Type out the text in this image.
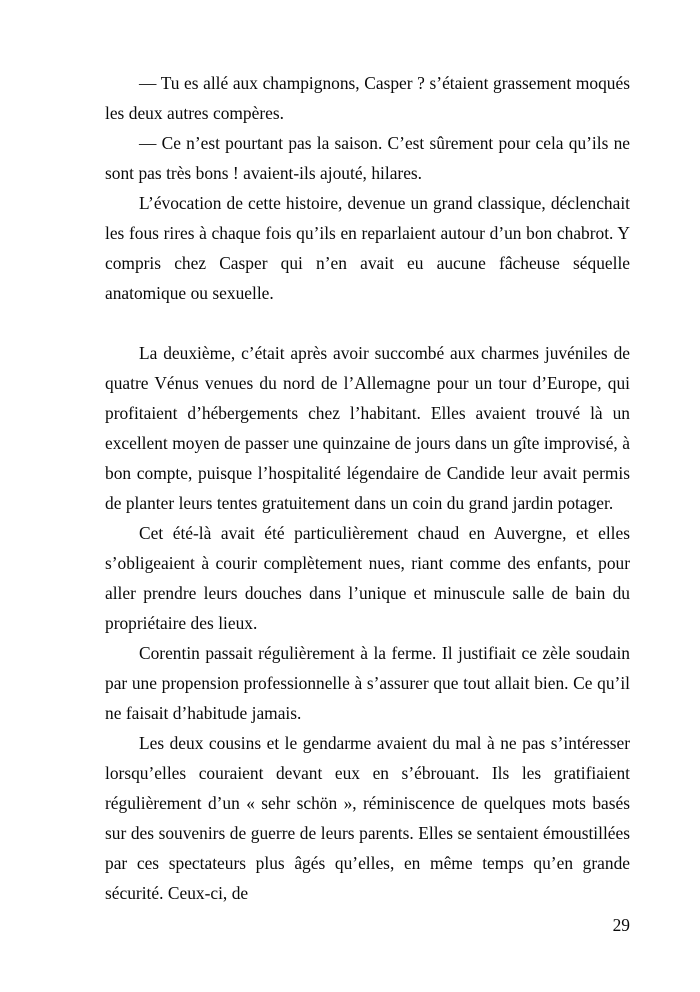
— Tu es allé aux champignons, Casper ? s’étaient grassement moqués les deux autres compères.

— Ce n’est pourtant pas la saison. C’est sûrement pour cela qu’ils ne sont pas très bons ! avaient-ils ajouté, hilares.

L’évocation de cette histoire, devenue un grand classique, déclenchait les fous rires à chaque fois qu’ils en reparlaient autour d’un bon chabrot. Y compris chez Casper qui n’en avait eu aucune fâcheuse séquelle anatomique ou sexuelle.

La deuxième, c’était après avoir succombé aux charmes juvéniles de quatre Vénus venues du nord de l’Allemagne pour un tour d’Europe, qui profitaient d’hébergements chez l’habitant. Elles avaient trouvé là un excellent moyen de passer une quinzaine de jours dans un gîte improvisé, à bon compte, puisque l’hospitalité légendaire de Candide leur avait permis de planter leurs tentes gratuitement dans un coin du grand jardin potager.

Cet été-là avait été particulièrement chaud en Auvergne, et elles s’obligeaient à courir complètement nues, riant comme des enfants, pour aller prendre leurs douches dans l’unique et minuscule salle de bain du propriétaire des lieux.

Corentin passait régulièrement à la ferme. Il justifiait ce zèle soudain par une propension professionnelle à s’assurer que tout allait bien. Ce qu’il ne faisait d’habitude jamais.

Les deux cousins et le gendarme avaient du mal à ne pas s’intéresser lorsqu’elles couraient devant eux en s’ébrouant. Ils les gratifiaient régulièrement d’un « sehr schön », réminiscence de quelques mots basés sur des souvenirs de guerre de leurs parents. Elles se sentaient émoustillées par ces spectateurs plus âgés qu’elles, en même temps qu’en grande sécurité. Ceux-ci, de

29
